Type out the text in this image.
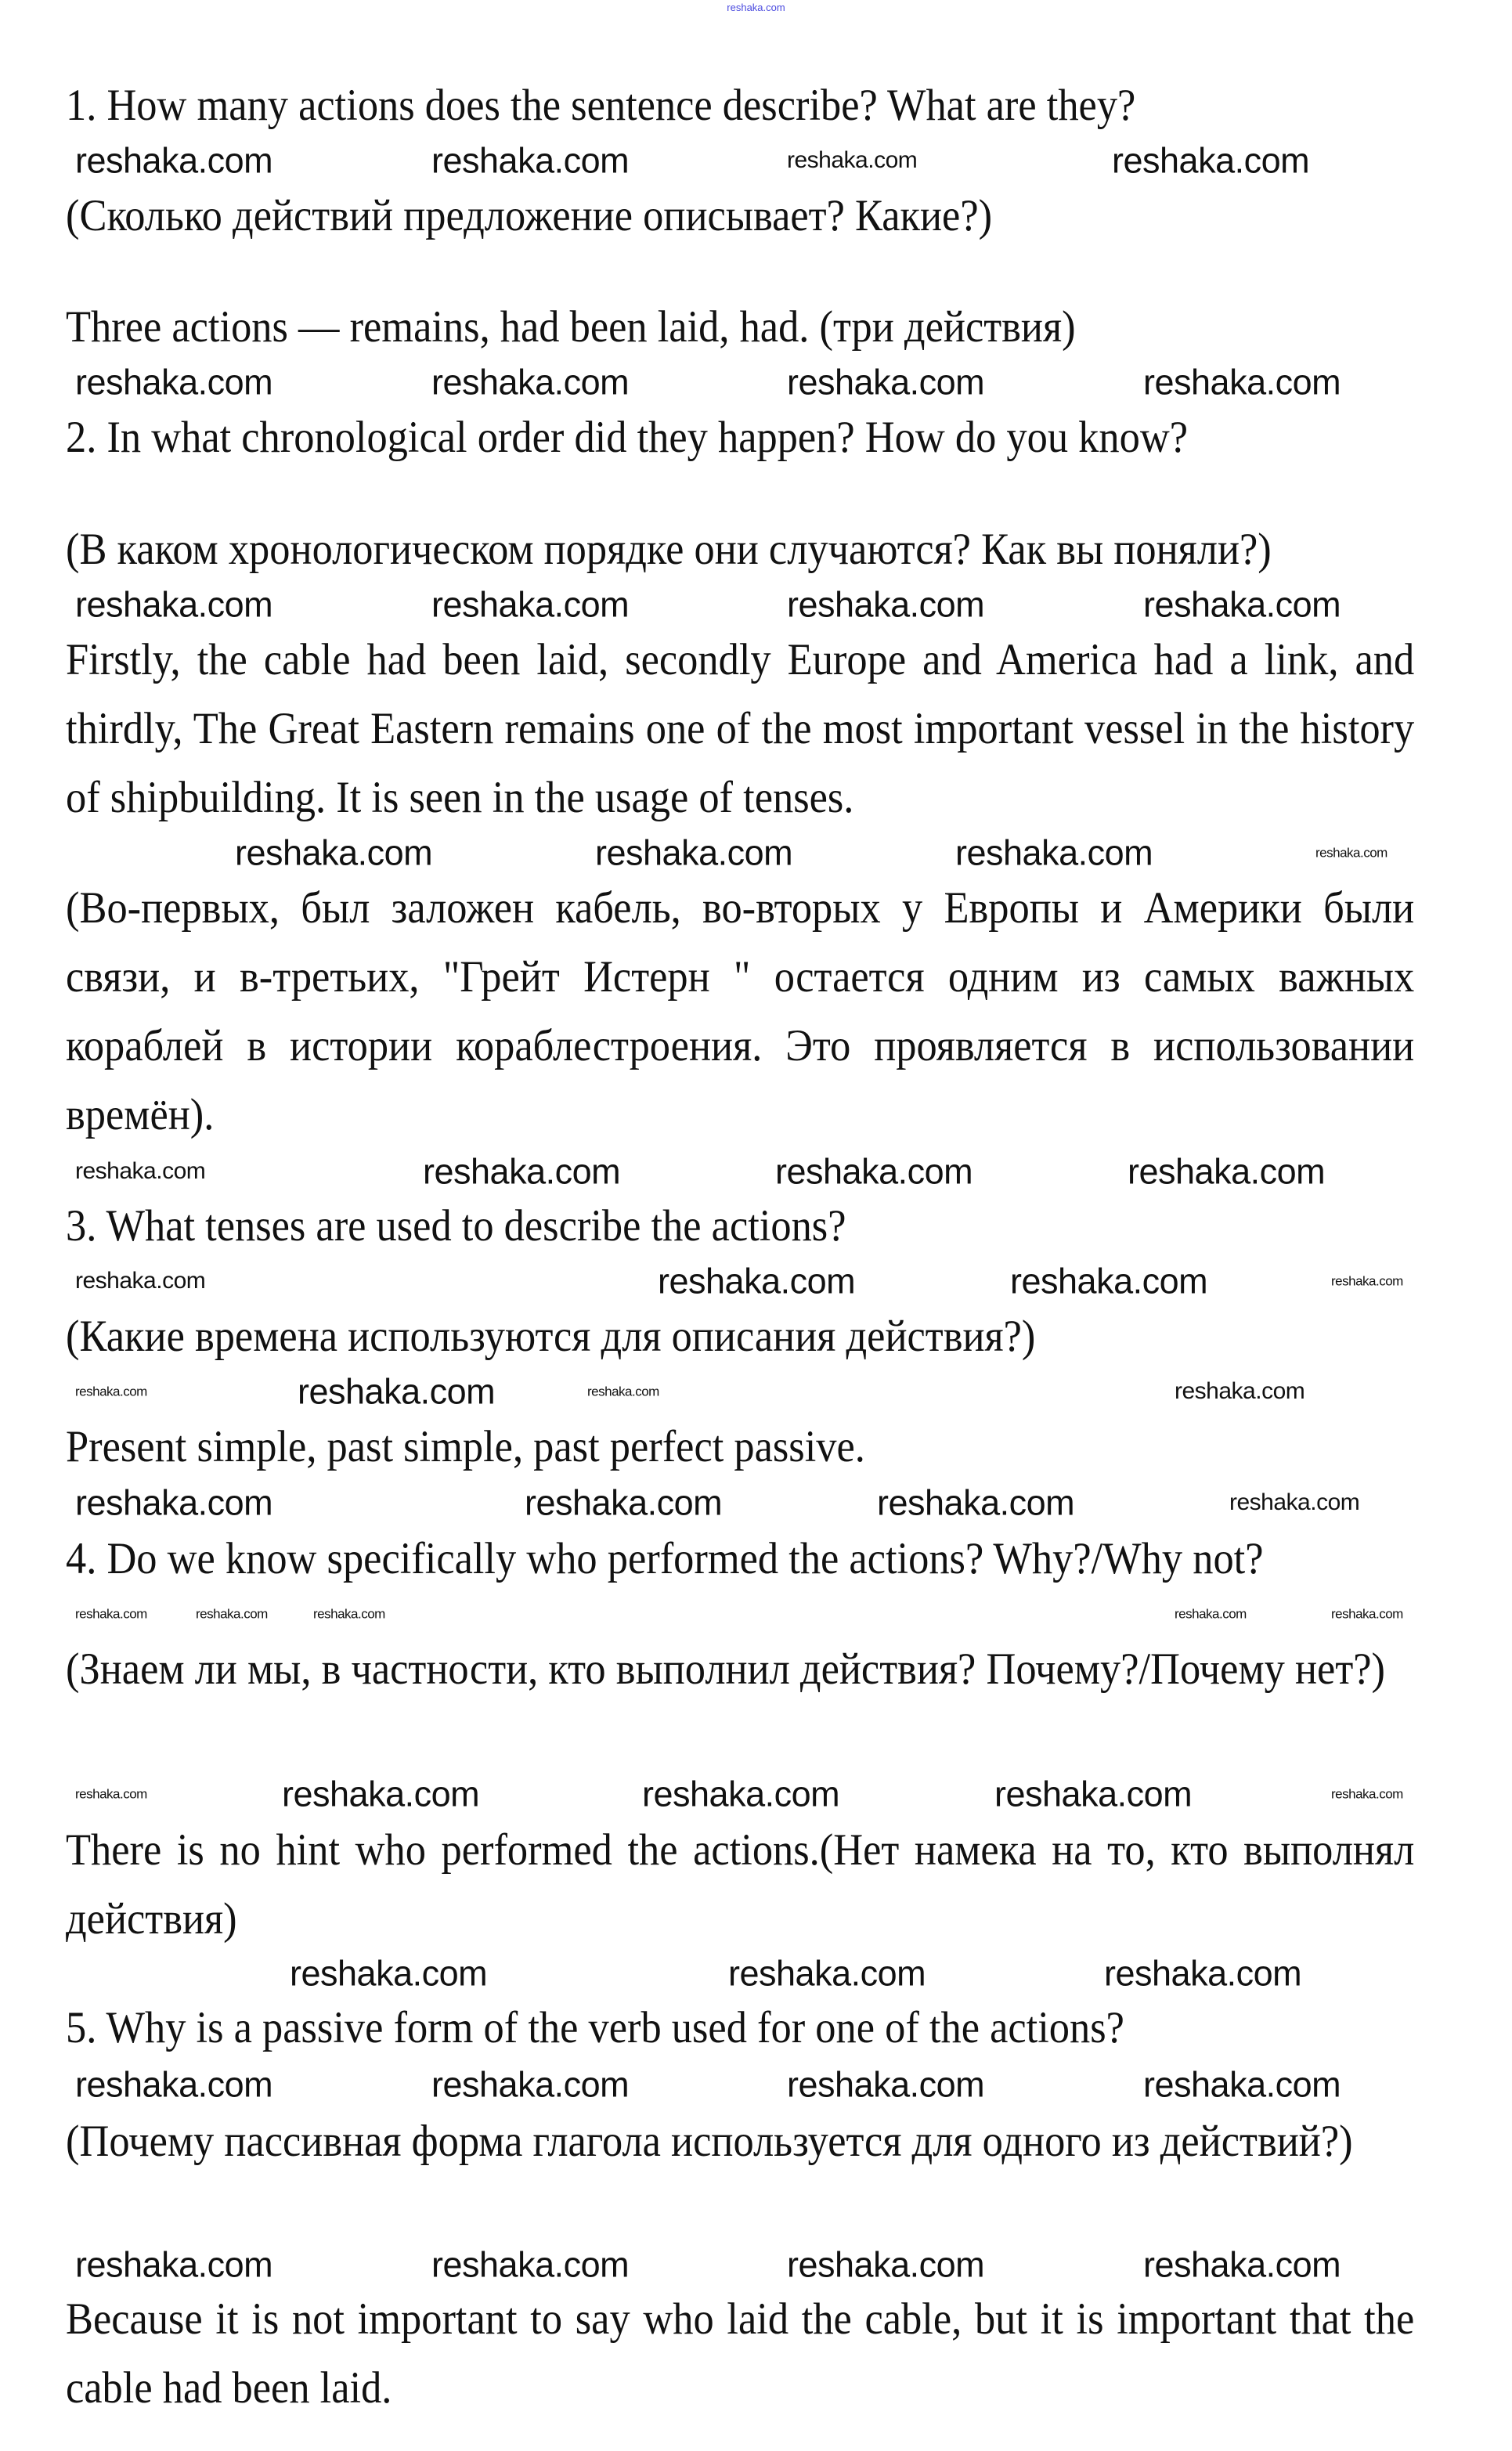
reshaka.com

1. How many actions does the sentence describe? What are they?

(Сколько действий предложение описывает? Какие?)

Three actions — remains, had been laid, had. (три действия)

2. In what chronological order did they happen? How do you know?

(В каком хронологическом порядке они случаются? Как вы поняли?)

Firstly, the cable had been laid, secondly Europe and America had a link, and thirdly, The Great Eastern remains one of the most important vessel in the history of shipbuilding. It is seen in the usage of tenses.

(Во-первых, был заложен кабель, во-вторых у Европы и Америки были связи, и в-третьих, "Грейт Истерн " остается одним из самых важных кораблей в истории кораблестроения. Это проявляется в использовании времён).

3. What tenses are used to describe the actions?

(Какие времена используются для описания действия?)

Present simple, past simple, past perfect passive.

4. Do we know specifically who performed the actions? Why?/Why not?

(Знаем ли мы, в частности, кто выполнил действия? Почему?/Почему нет?)

There is no hint who performed the actions.(Нет намека на то, кто выполнял действия)

5. Why is a passive form of the verb used for one of the actions?

(Почему пассивная форма глагола используется для одного из действий?)

Because it is not important to say who laid the cable, but it is important that the cable had been laid.

reshaka.com	reshaka.com	reshaka.com	reshaka.com
reshaka.com	reshaka.com	reshaka.com	reshaka.com
reshaka.com	reshaka.com	reshaka.com	reshaka.com
reshaka.com	reshaka.com	reshaka.com	reshaka.com
reshaka.com	reshaka.com	reshaka.com	reshaka.com
reshaka.com	reshaka.com	reshaka.com	reshaka.com
reshaka.com	reshaka.com	reshaka.com	reshaka.com
reshaka.com	reshaka.com	reshaka.com	reshaka.com
reshaka.com	reshaka.com	reshaka.com	reshaka.com	reshaka.com
reshaka.com	reshaka.com	reshaka.com	reshaka.com	reshaka.com
reshaka.com	reshaka.com	reshaka.com
reshaka.com	reshaka.com	reshaka.com	reshaka.com
reshaka.com	reshaka.com	reshaka.com	reshaka.com
